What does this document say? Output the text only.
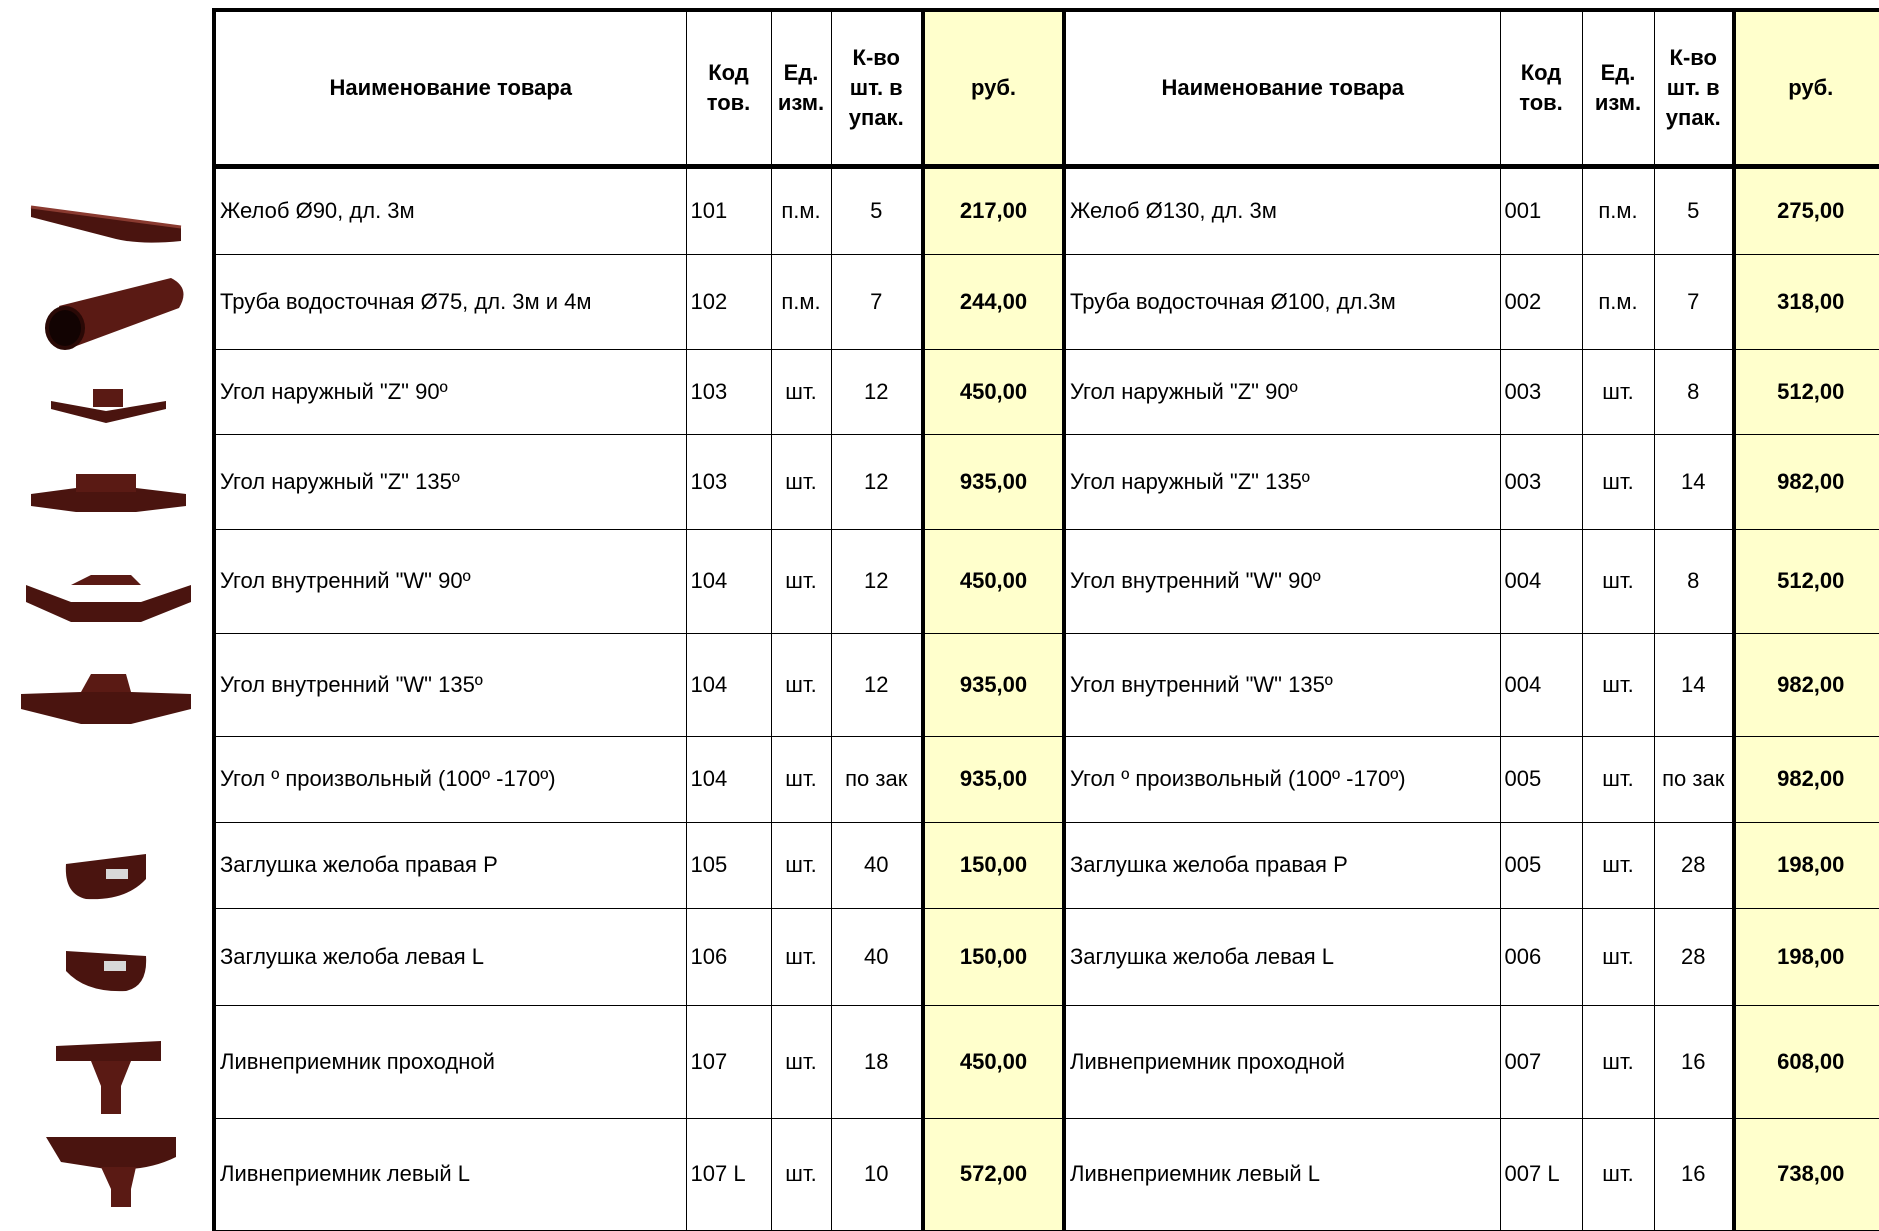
Наименование товара	Код тов.	Ед. изм.	К-во шт. в упак.	руб.	Наименование товара	Код тов.	Ед. изм.	К-во шт. в упак.	руб.
Желоб Ø90, дл. 3м	101	п.м.	5	217,00	Желоб Ø130, дл. 3м	001	п.м.	5	275,00
Труба водосточная Ø75, дл. 3м и 4м	102	п.м.	7	244,00	Труба водосточная Ø100, дл.3м	002	п.м.	7	318,00
Угол наружный "Z" 90º	103	шт.	12	450,00	Угол наружный "Z" 90º	003	шт.	8	512,00
Угол наружный "Z" 135º	103	шт.	12	935,00	Угол наружный "Z" 135º	003	шт.	14	982,00
Угол внутренний "W" 90º	104	шт.	12	450,00	Угол внутренний "W" 90º	004	шт.	8	512,00
Угол внутренний "W" 135º	104	шт.	12	935,00	Угол внутренний "W" 135º	004	шт.	14	982,00
Угол º произвольный (100º -170º)	104	шт.	по зак	935,00	Угол º произвольный (100º -170º)	005	шт.	по зак	982,00
Заглушка желоба правая Р	105	шт.	40	150,00	Заглушка желоба правая Р	005	шт.	28	198,00
Заглушка желоба левая L	106	шт.	40	150,00	Заглушка желоба левая L	006	шт.	28	198,00
Ливнеприемник проходной	107	шт.	18	450,00	Ливнеприемник проходной	007	шт.	16	608,00
Ливнеприемник левый L	107 L	шт.	10	572,00	Ливнеприемник левый L	007 L	шт.	16	738,00
